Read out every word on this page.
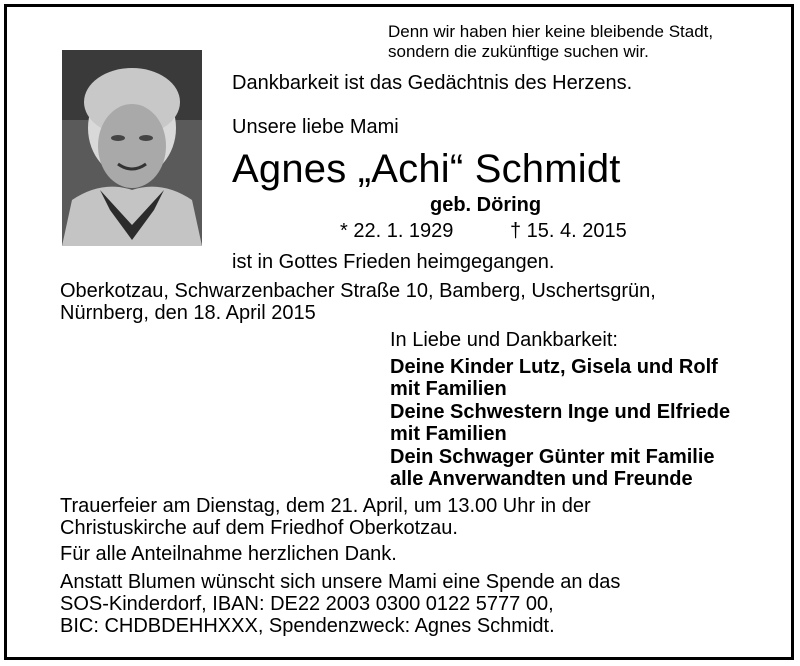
Denn wir haben hier keine bleibende Stadt,
sondern die zukünftige suchen wir.
Dankbarkeit ist das Gedächtnis des Herzens.
Unsere liebe Mami
Agnes „Achi“ Schmidt
geb. Döring
* 22. 1. 1929	† 15. 4. 2015
ist in Gottes Frieden heimgegangen.
Oberkotzau, Schwarzenbacher Straße 10, Bamberg, Uschertsgrün,
Nürnberg, den 18. April 2015
In Liebe und Dankbarkeit:
Deine Kinder Lutz, Gisela und Rolf
mit Familien
Deine Schwestern Inge und Elfriede
mit Familien
Dein Schwager Günter mit Familie
alle Anverwandten und Freunde
Trauerfeier am Dienstag, dem 21. April, um 13.00 Uhr in der
Christuskirche auf dem Friedhof Oberkotzau.
Für alle Anteilnahme herzlichen Dank.
Anstatt Blumen wünscht sich unsere Mami eine Spende an das
SOS-Kinderdorf, IBAN: DE22 2003 0300 0122 5777 00,
BIC: CHDBDEHHXXX, Spendenzweck: Agnes Schmidt.
